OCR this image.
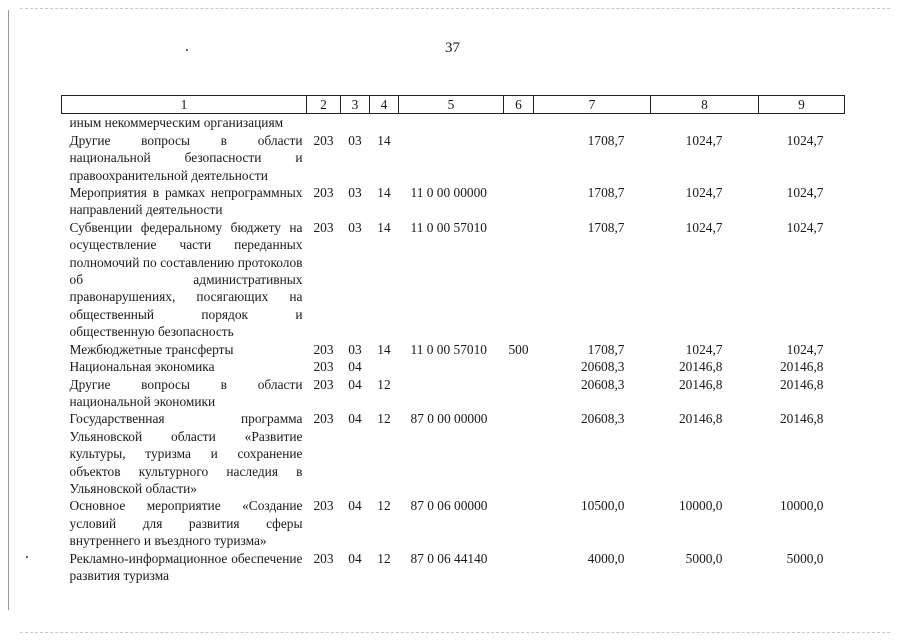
37
1	2	3	4	5	6	7	8	9
иным некоммерческим организациям								
Другие вопросы в области национальной безопасности и правоохранительной деятельности	203	03	14			1708,7	1024,7	1024,7
Мероприятия в рамках непрограммных направлений деятельности	203	03	14	11 0 00 00000		1708,7	1024,7	1024,7
Субвенции федеральному бюджету на осуществление части переданных полномочий по составлению протоколов об административных правонарушениях, посягающих на общественный порядок и общественную безопасность	203	03	14	11 0 00 57010		1708,7	1024,7	1024,7
Межбюджетные трансферты	203	03	14	11 0 00 57010	500	1708,7	1024,7	1024,7
Национальная экономика	203	04				20608,3	20146,8	20146,8
Другие вопросы в области национальной экономики	203	04	12			20608,3	20146,8	20146,8
Государственная программа Ульяновской области «Развитие культуры, туризма и сохранение объектов культурного наследия в Ульяновской области»	203	04	12	87 0 00 00000		20608,3	20146,8	20146,8
Основное мероприятие «Создание условий для развития сферы внутреннего и въездного туризма»	203	04	12	87 0 06 00000		10500,0	10000,0	10000,0
Рекламно-информационное обеспечение развития туризма	203	04	12	87 0 06 44140		4000,0	5000,0	5000,0
